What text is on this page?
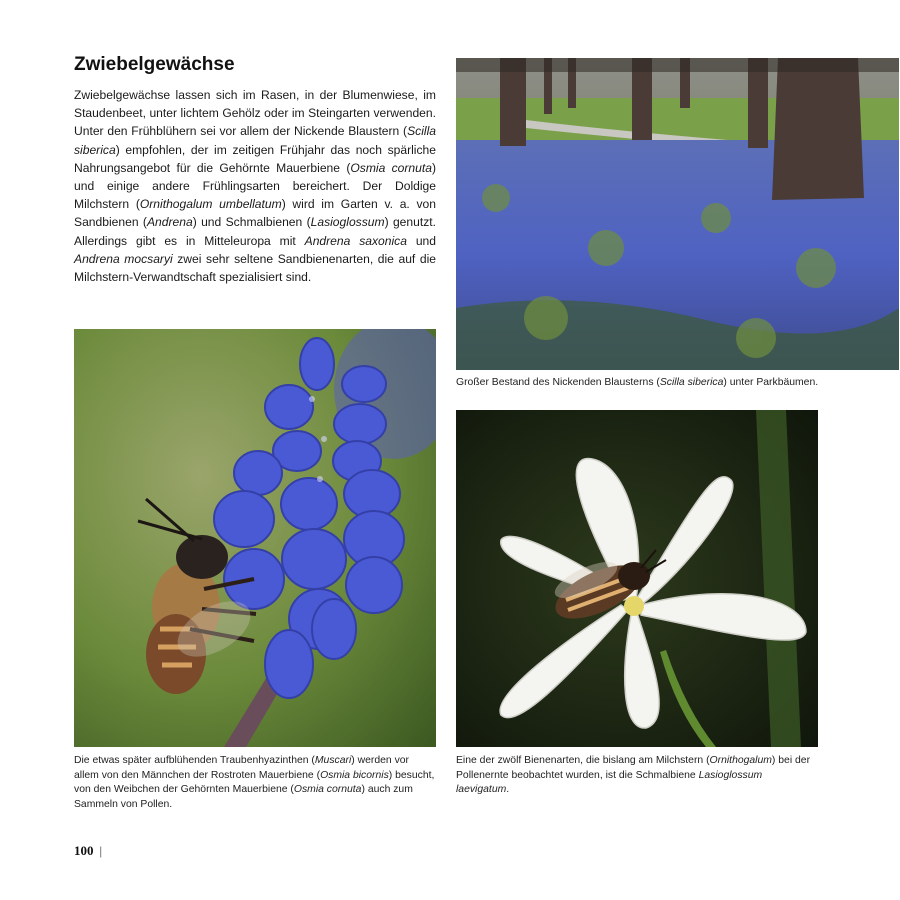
Zwiebelgewächse

Zwiebelgewächse lassen sich im Rasen, in der Blumenwiese, im Staudenbeet, unter lichtem Gehölz oder im Steingarten verwenden. Unter den Frühblühern sei vor allem der Nickende Blaustern (Scilla siberica) empfohlen, der im zeitigen Frühjahr das noch spärliche Nahrungsangebot für die Gehörnte Mauerbiene (Osmia cornuta) und einige andere Frühlingsarten bereichert. Der Doldige Milchstern (Ornithogalum umbellatum) wird im Garten v. a. von Sandbienen (Andrena) und Schmalbienen (Lasioglossum) genutzt. Allerdings gibt es in Mitteleuropa mit Andrena saxonica und Andrena mocsaryi zwei sehr seltene Sandbienenarten, die auf die Milchstern-Verwandtschaft spezialisiert sind.

Großer Bestand des Nickenden Blausterns (Scilla siberica) unter Parkbäumen.
Die etwas später aufblühenden Traubenhyazinthen (Muscari) werden vor allem von den Männchen der Rostroten Mauerbiene (Osmia bicornis) besucht, von den Weibchen der Gehörnten Mauerbiene (Osmia cornuta) auch zum Sammeln von Pollen.
Eine der zwölf Bienenarten, die bislang am Milchstern (Ornithogalum) bei der Pollenernte beobachtet wurden, ist die Schmalbiene Lasioglossum laevigatum.
100 |
